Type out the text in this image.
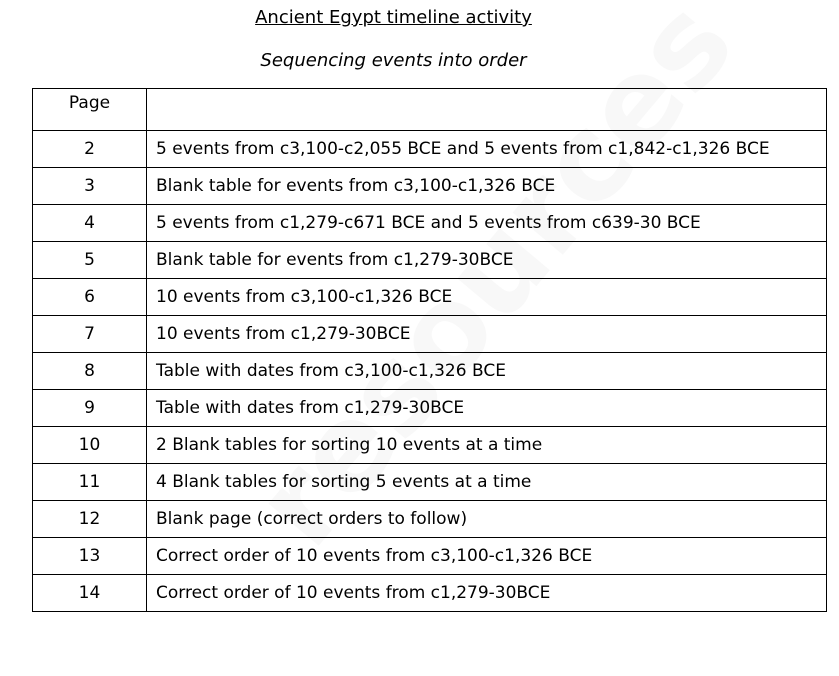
Ancient Egypt timeline activity

Sequencing events into order

Page	
2	5 events from c3,100-c2,055 BCE and 5 events from c1,842-c1,326 BCE
3	Blank table for events from c3,100-c1,326 BCE
4	5 events from c1,279-c671 BCE and 5 events from c639-30 BCE
5	Blank table for events from c1,279-30BCE
6	10 events from c3,100-c1,326 BCE
7	10 events from c1,279-30BCE
8	Table with dates from c3,100-c1,326 BCE
9	Table with dates from c1,279-30BCE
10	2 Blank tables for sorting 10 events at a time
11	4 Blank tables for sorting 5 events at a time
12	Blank page (correct orders to follow)
13	Correct order of 10 events from c3,100-c1,326 BCE
14	Correct order of 10 events from c1,279-30BCE
